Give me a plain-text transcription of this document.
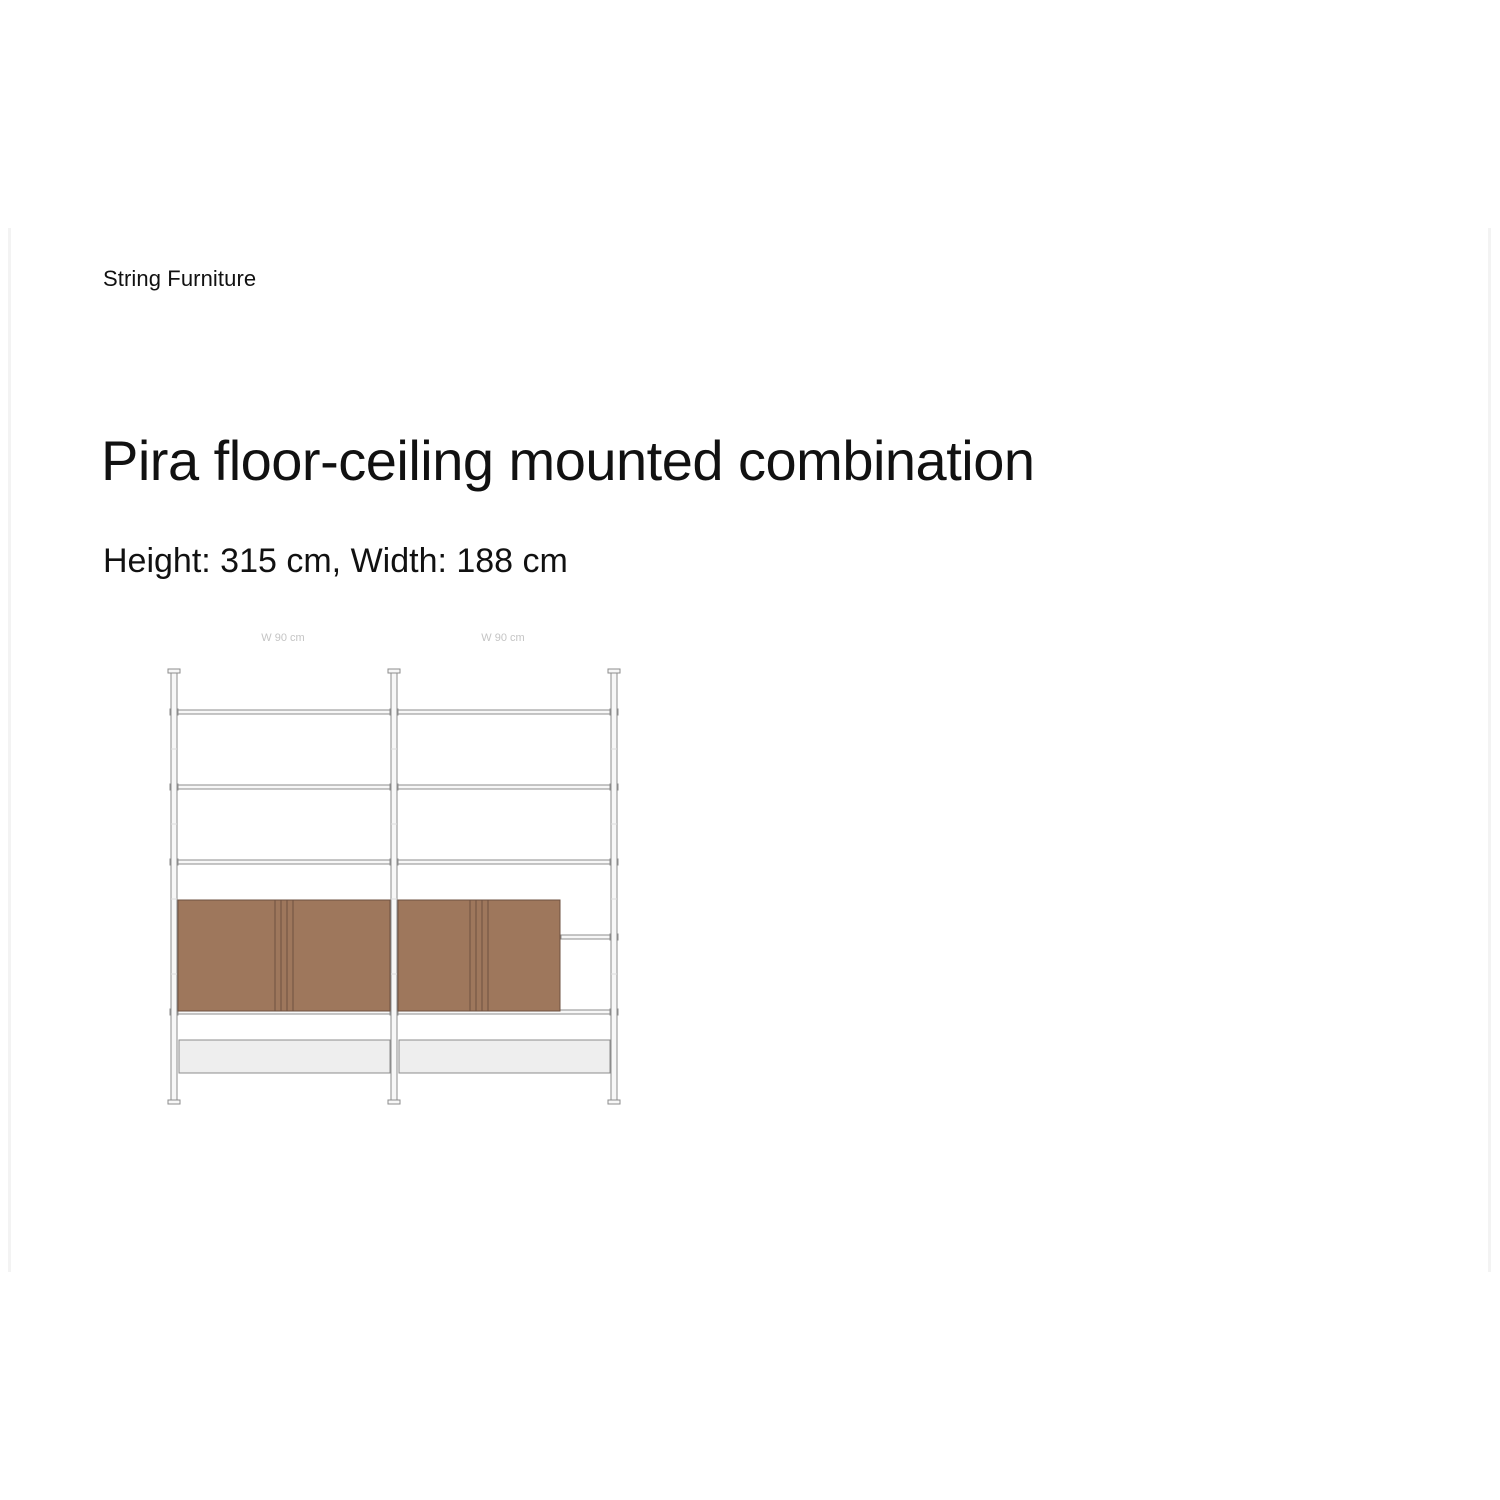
String Furniture
Pira floor-ceiling mounted combination
Height: 315 cm, Width: 188 cm
W 90 cm	W 90 cm
